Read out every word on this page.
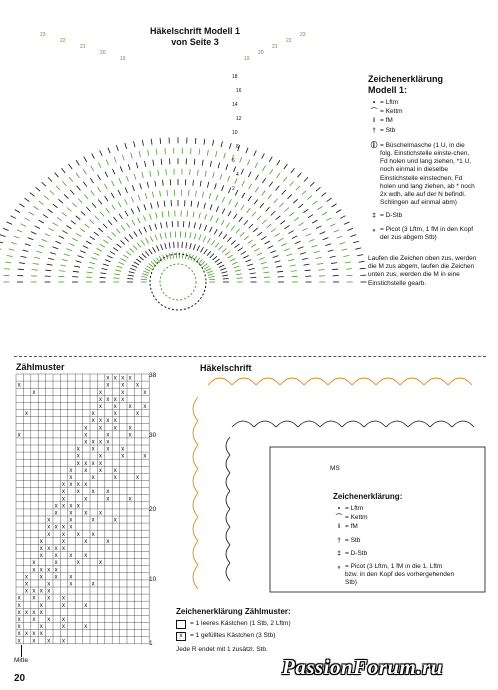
Häkelschrift Modell 1
von Seite 3
18
16
14
12
10
8
6
4
2
23	23
22	22
21	21
20	20
19	19
Zeichenerklärung
Modell 1:
• = Lftm
⌒ = Kettm
I = fM
† = Stb
⦶ = Büschelmasche (1 U, in die folg. Einstichstelle einste-chen, Fd holen und lang ziehen, *1 U, noch einmal in dieselbe Einstichstelle einstechen, Fd holen und lang ziehen, ab * noch 2x wdh, alle auf der N befindl. Schlingen auf einmal abm)
‡ = D-Stb
ₒ = Picot (3 Lftm, 1 fM in den Kopf der zus abgem Stb)
Laufen die Zeichen oben zus, werden die M zus abgem, laufen die Zeichen unten zus, werden die M in eine Einstichstelle gearb.
Zählmuster
x x x x
x x x
x
x	x	x
x
x x x x
x x x x
x	x	x
x
x x x x
x x x x
x	x	x
x
x x x x
x x x x
x	x	x	x
x x x x
x x x x
x	x	x	x
x x x x
x x x x
x	x	x	x
x x x x
x x x x
x	x	x	x
x x x x
x x x x
x	x	x	x
x x x x
x x x x
x	x	x	x
x x x x
x x x x
x	x	x	x
x x x x
x x x x
x	x	x	x
x x x x
x x x x
x	x	x	x
x x x x
x x x x
38
30
20
10
1
Mitte
Häkelschrift
MS
Zeichenerklärung:
• = Lftm
⌒ = Kettm
I = fM
† = Stb
‡ = D-Stb
ₒ = Picot (3 Lftm, 1 fM in die 1. Lftm bzw. in den Kopf des vorhergehenden Stb)
Zeichenerklärung Zählmuster:
= 1 leeres Kästchen (1 Stb, 2 Lftm)
x	= 1 gefülltes Kästchen (3 Stb)
Jede R endet mit 1 zusätzl. Stb.
20	PassionForum.ru
